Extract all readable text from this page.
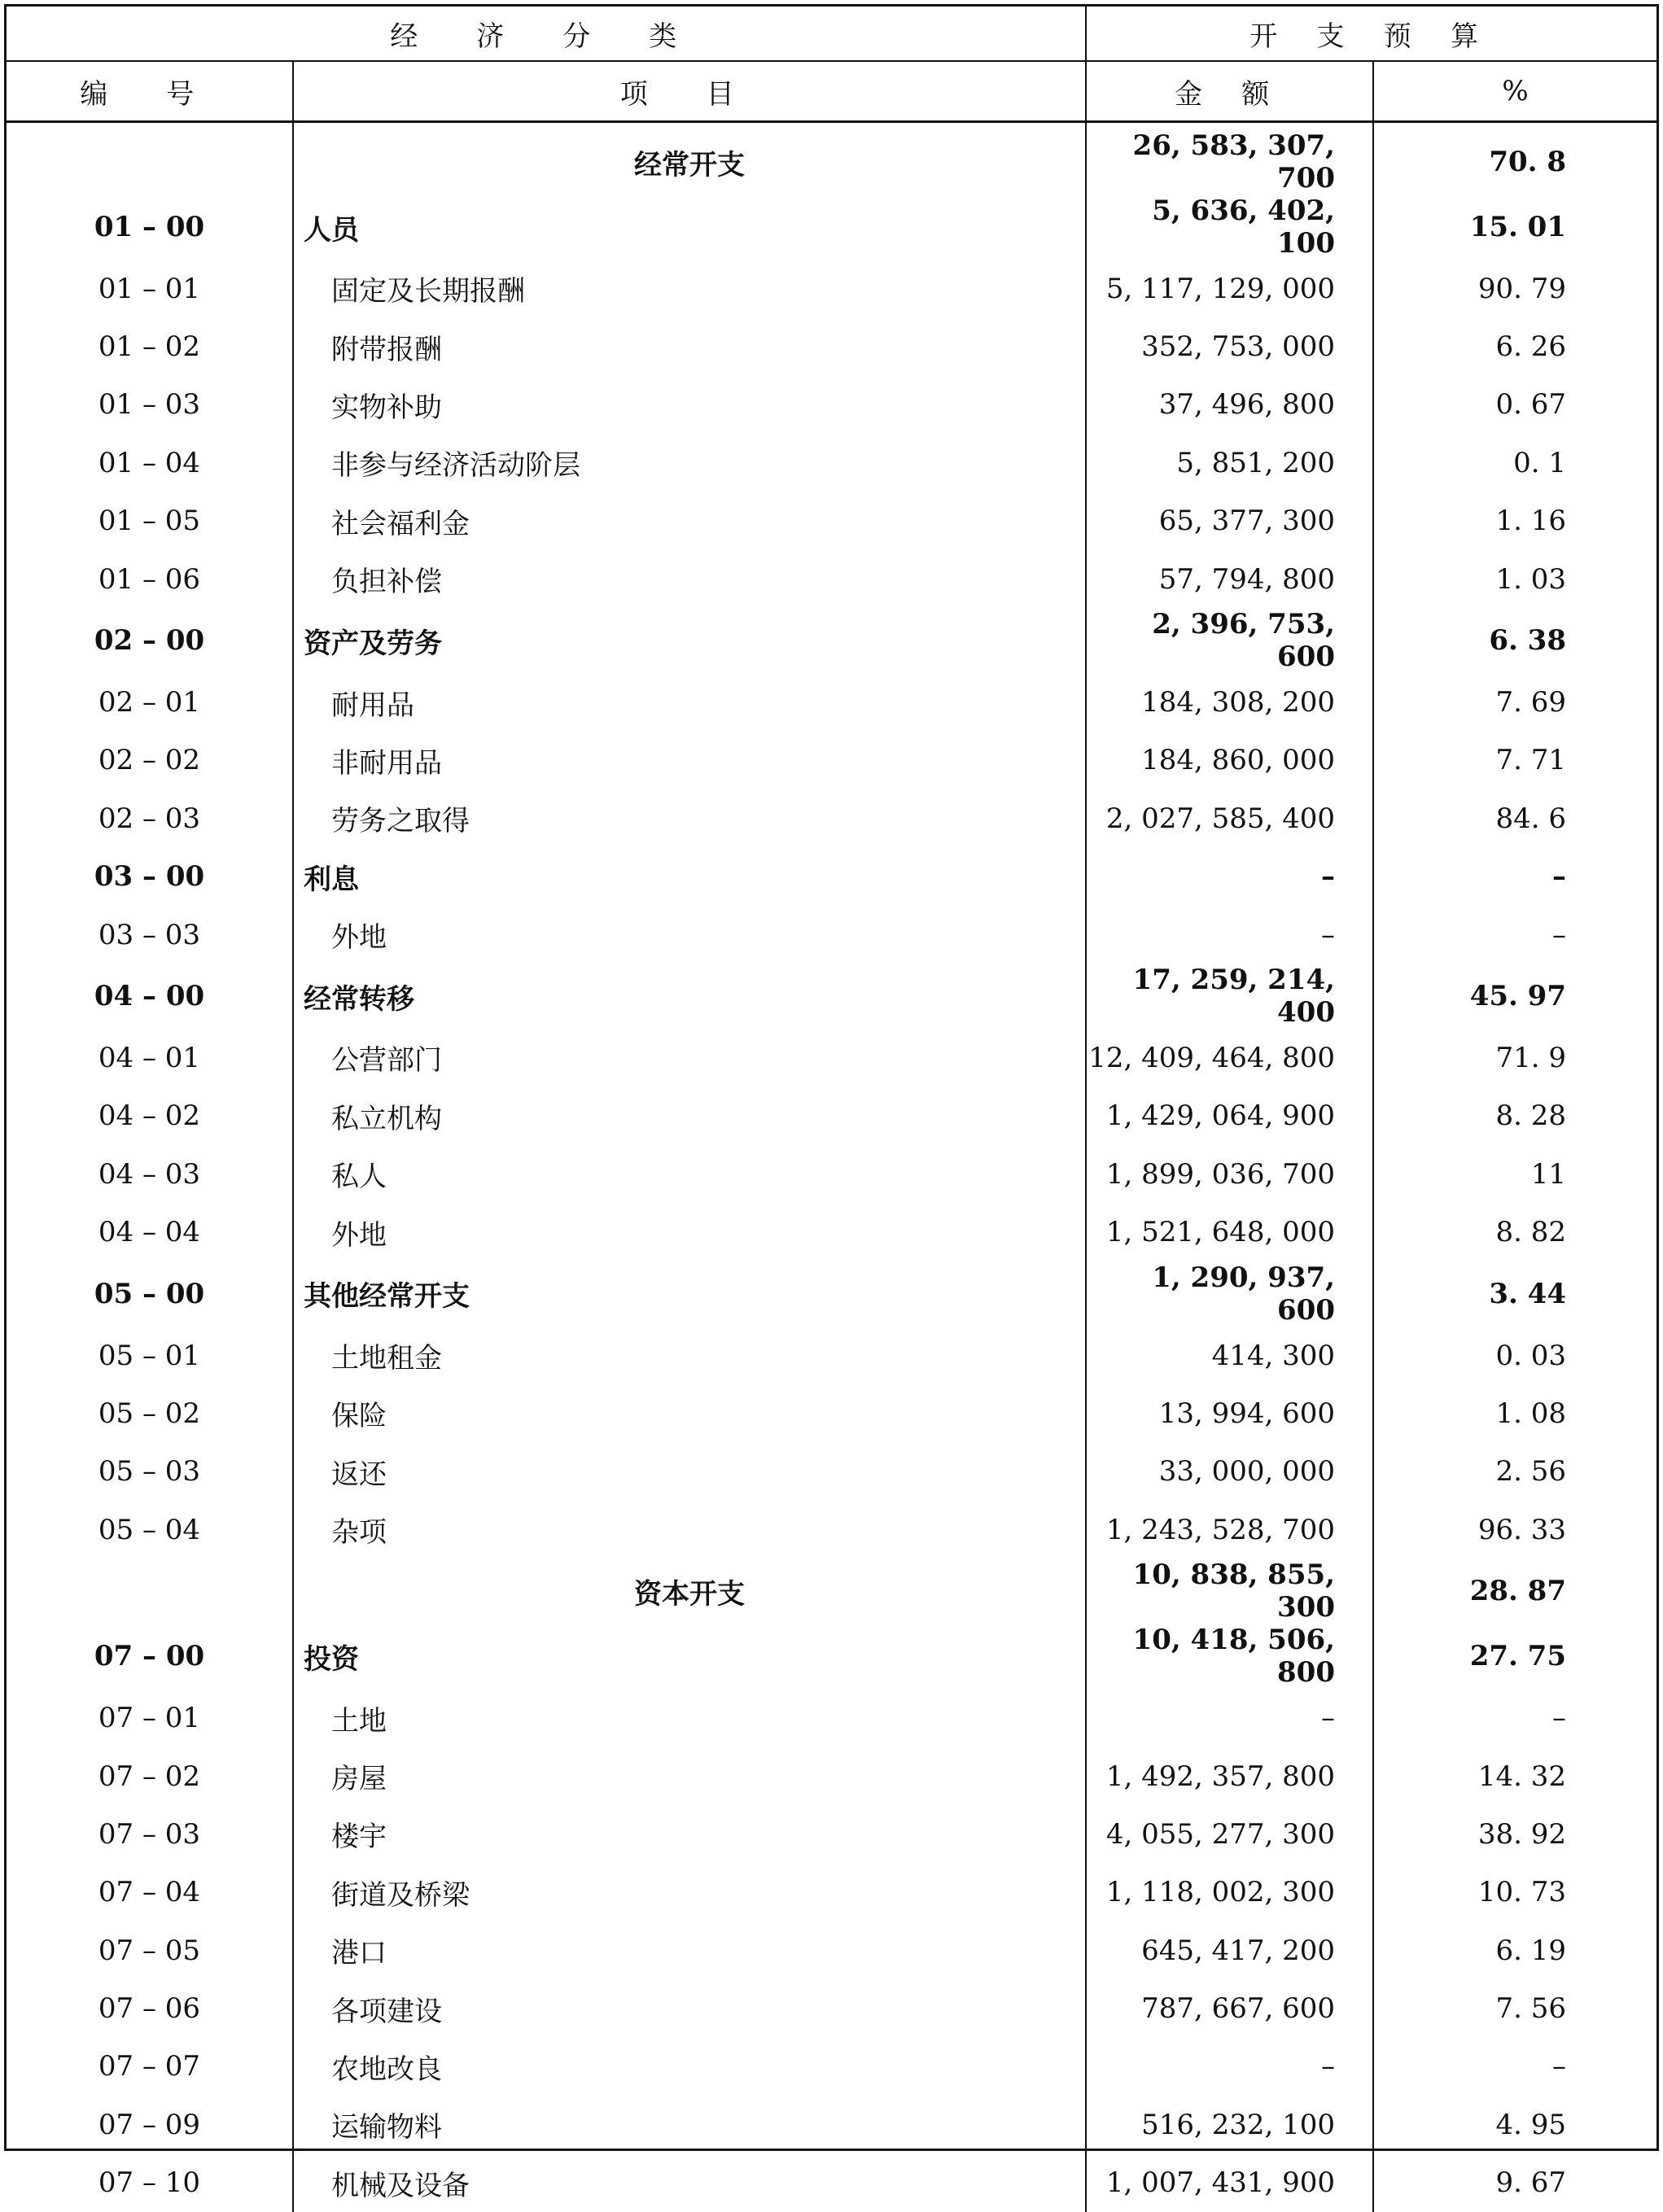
经 济 分 类		开 支 预 算	
编 号	项 目	金 额	%
	经常开支	26, 583, 307, 700	70. 8
01 – 00	人员	5, 636, 402, 100	15. 01
01 – 01	固定及长期报酬	5, 117, 129, 000	90. 79
01 – 02	附带报酬	352, 753, 000	6. 26
01 – 03	实物补助	37, 496, 800	0. 67
01 – 04	非参与经济活动阶层	5, 851, 200	0. 1
01 – 05	社会福利金	65, 377, 300	1. 16
01 – 06	负担补偿	57, 794, 800	1. 03
02 – 00	资产及劳务	2, 396, 753, 600	6. 38
02 – 01	耐用品	184, 308, 200	7. 69
02 – 02	非耐用品	184, 860, 000	7. 71
02 – 03	劳务之取得	2, 027, 585, 400	84. 6
03 – 00	利息	–	–
03 – 03	外地	–	–
04 – 00	经常转移	17, 259, 214, 400	45. 97
04 – 01	公营部门	12, 409, 464, 800	71. 9
04 – 02	私立机构	1, 429, 064, 900	8. 28
04 – 03	私人	1, 899, 036, 700	11
04 – 04	外地	1, 521, 648, 000	8. 82
05 – 00	其他经常开支	1, 290, 937, 600	3. 44
05 – 01	土地租金	414, 300	0. 03
05 – 02	保险	13, 994, 600	1. 08
05 – 03	返还	33, 000, 000	2. 56
05 – 04	杂项	1, 243, 528, 700	96. 33
	资本开支	10, 838, 855, 300	28. 87
07 – 00	投资	10, 418, 506, 800	27. 75
07 – 01	土地	–	–
07 – 02	房屋	1, 492, 357, 800	14. 32
07 – 03	楼宇	4, 055, 277, 300	38. 92
07 – 04	街道及桥梁	1, 118, 002, 300	10. 73
07 – 05	港口	645, 417, 200	6. 19
07 – 06	各项建设	787, 667, 600	7. 56
07 – 07	农地改良	–	–
07 – 09	运输物料	516, 232, 100	4. 95
07 – 10	机械及设备	1, 007, 431, 900	9. 67
